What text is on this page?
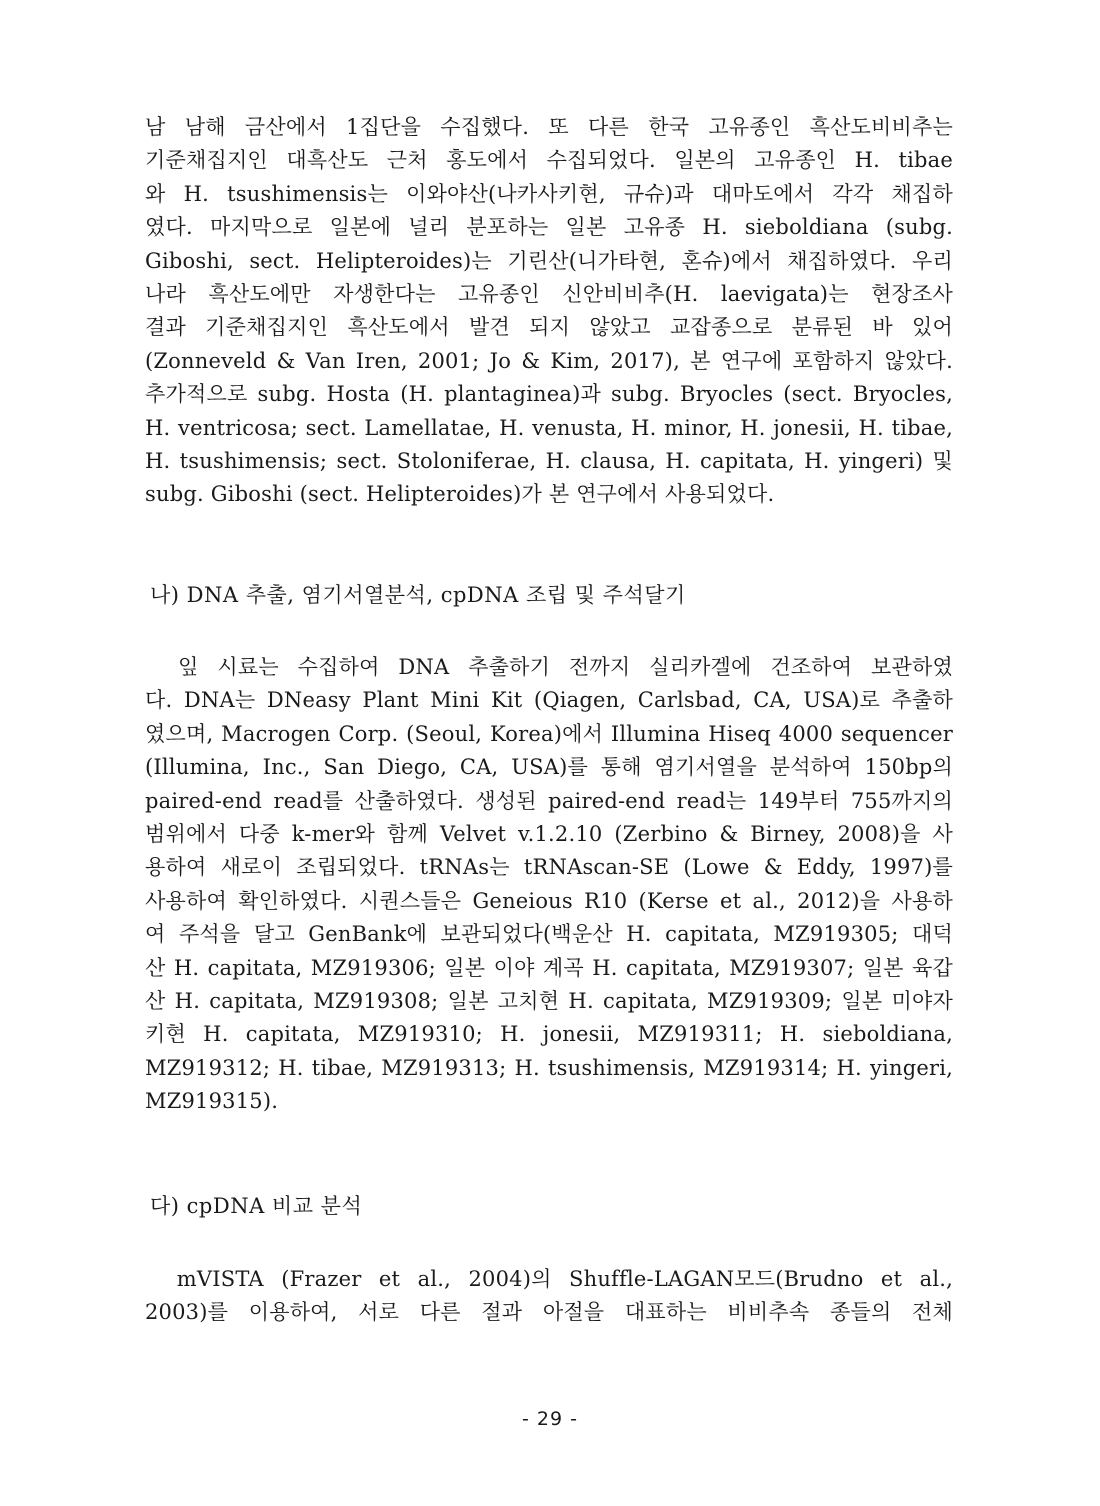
남 남해 금산에서 1집단을 수집했다. 또 다른 한국 고유종인 흑산도비비추는
기준채집지인 대흑산도 근처 홍도에서 수집되었다. 일본의 고유종인 H. tibae
와 H. tsushimensis는 이와야산(나카사키현, 규슈)과 대마도에서 각각 채집하
였다. 마지막으로 일본에 널리 분포하는 일본 고유종 H. sieboldiana (subg.
Giboshi, sect. Helipteroides)는 기린산(니가타현, 혼슈)에서 채집하였다. 우리
나라 흑산도에만 자생한다는 고유종인 신안비비추(H. laevigata)는 현장조사
결과 기준채집지인 흑산도에서 발견 되지 않았고 교잡종으로 분류된 바 있어
(Zonneveld & Van Iren, 2001; Jo & Kim, 2017), 본 연구에 포함하지 않았다.
추가적으로 subg. Hosta (H. plantaginea)과 subg. Bryocles (sect. Bryocles,
H. ventricosa; sect. Lamellatae, H. venusta, H. minor, H. jonesii, H. tibae,
H. tsushimensis; sect. Stoloniferae, H. clausa, H. capitata, H. yingeri) 및
subg. Giboshi (sect. Helipteroides)가 본 연구에서 사용되었다.
나) DNA 추출, 염기서열분석, cpDNA 조립 및 주석달기
　잎 시료는 수집하여 DNA 추출하기 전까지 실리카겔에 건조하여 보관하였
다. DNA는 DNeasy Plant Mini Kit (Qiagen, Carlsbad, CA, USA)로 추출하
였으며, Macrogen Corp. (Seoul, Korea)에서 Illumina Hiseq 4000 sequencer
(Illumina, Inc., San Diego, CA, USA)를 통해 염기서열을 분석하여 150bp의
paired-end read를 산출하였다. 생성된 paired-end read는 149부터 755까지의
범위에서 다중 k-mer와 함께 Velvet v.1.2.10 (Zerbino & Birney, 2008)을 사
용하여 새로이 조립되었다. tRNAs는 tRNAscan-SE (Lowe & Eddy, 1997)를
사용하여 확인하였다. 시퀀스들은 Geneious R10 (Kerse et al., 2012)을 사용하
여 주석을 달고 GenBank에 보관되었다(백운산 H. capitata, MZ919305; 대덕
산 H. capitata, MZ919306; 일본 이야 계곡 H. capitata, MZ919307; 일본 육갑
산 H. capitata, MZ919308; 일본 고치현 H. capitata, MZ919309; 일본 미야자
키현 H. capitata, MZ919310; H. jonesii, MZ919311; H. sieboldiana,
MZ919312; H. tibae, MZ919313; H. tsushimensis, MZ919314; H. yingeri,
MZ919315).
다) cpDNA 비교 분석
　mVISTA (Frazer et al., 2004)의 Shuffle-LAGAN모드(Brudno et al.,
2003)를 이용하여, 서로 다른 절과 아절을 대표하는 비비추속 종들의 전체
- 29 -
